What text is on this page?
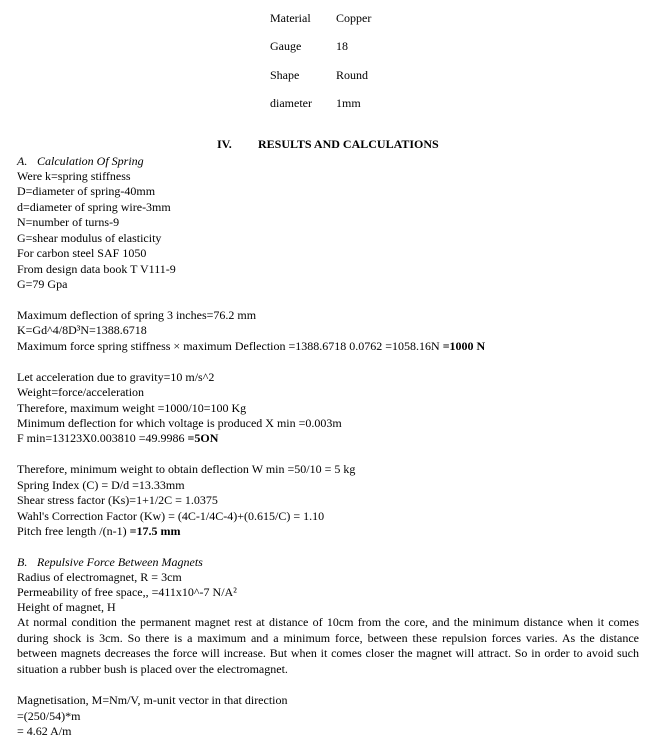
Material Copper
Gauge	18
Shape	Round
diameter 1mm
IV. RESULTS AND CALCULATIONS
A. Calculation Of Spring
Were k=spring stiffness
D=diameter of spring-40mm
d=diameter of spring wire-3mm
N=number of turns-9
G=shear modulus of elasticity
For carbon steel SAF 1050
From design data book T V111-9
G=79 Gpa
Maximum deflection of spring 3 inches=76.2 mm
K=Gd^4/8D³N=1388.6718
Maximum force spring stiffness × maximum Deflection =1388.6718 0.0762 =1058.16N =1000 N
Let acceleration due to gravity=10 m/s^2
Weight=force/acceleration
Therefore, maximum weight =1000/10=100 Kg
Minimum deflection for which voltage is produced X min =0.003m
F min=13123X0.003810 =49.9986 =5ON
Therefore, minimum weight to obtain deflection W min =50/10 = 5 kg
Spring Index (C) = D/d =13.33mm
Shear stress factor (Ks)=1+1/2C = 1.0375
Wahl's Correction Factor (Kw) = (4C-1/4C-4)+(0.615/C) = 1.10
Pitch free length /(n-1) =17.5 mm
B. Repulsive Force Between Magnets
Radius of electromagnet, R = 3cm
Permeability of free space,, =411x10^-7 N/A²
Height of magnet, H
At normal condition the permanent magnet rest at distance of 10cm from the core, and the minimum distance when it comes during shock is 3cm. So there is a maximum and a minimum force, between these repulsion forces varies. As the distance between magnets decreases the force will increase. But when it comes closer the magnet will attract. So in order to avoid such situation a rubber bush is placed over the electromagnet.
Magnetisation, M=Nm/V, m-unit vector in that direction
=(250/54)*m
= 4.62 A/m
